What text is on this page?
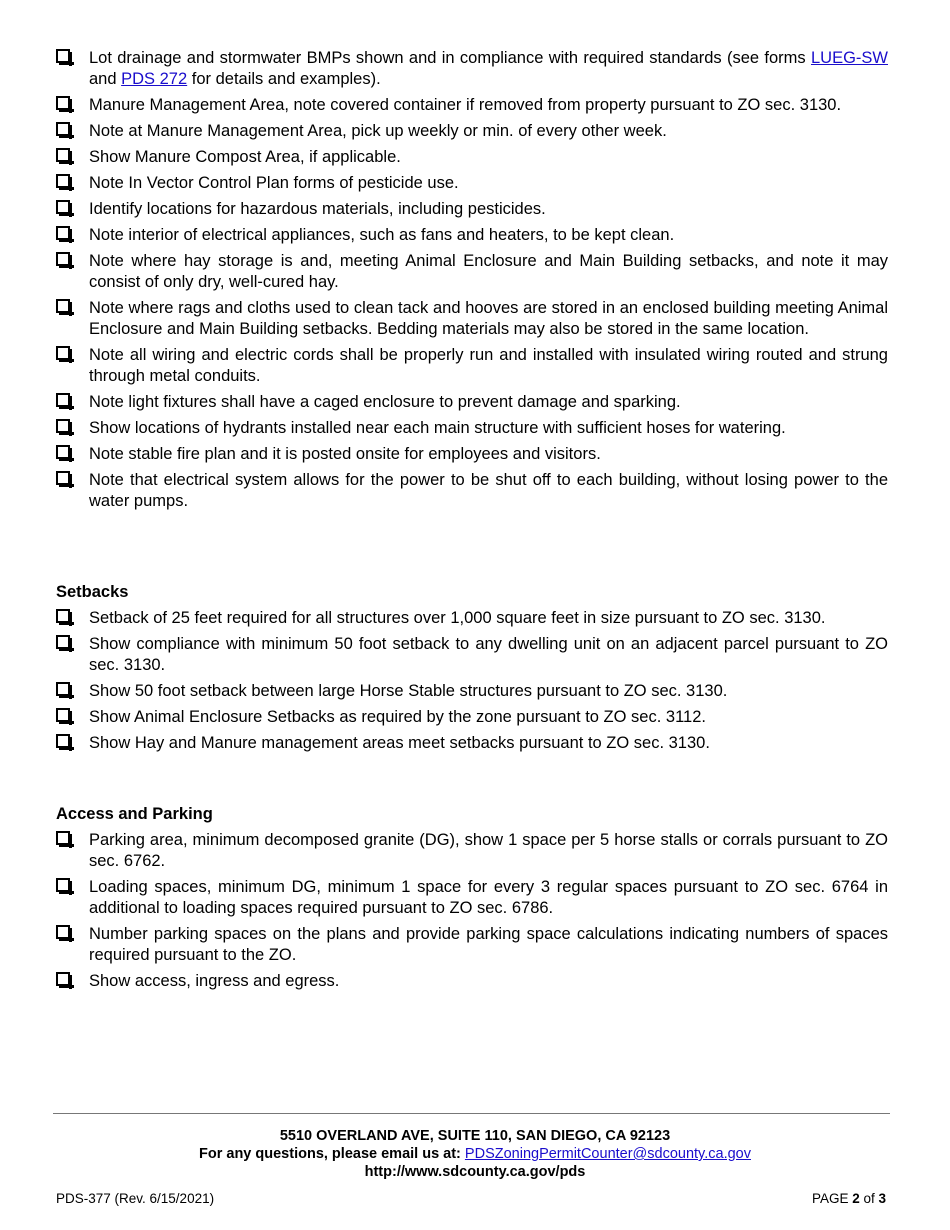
Lot drainage and stormwater BMPs shown and in compliance with required standards (see forms LUEG-SW and PDS 272 for details and examples).
Manure Management Area, note covered container if removed from property pursuant to ZO sec. 3130.
Note at Manure Management Area, pick up weekly or min. of every other week.
Show Manure Compost Area, if applicable.
Note In Vector Control Plan forms of pesticide use.
Identify locations for hazardous materials, including pesticides.
Note interior of electrical appliances, such as fans and heaters, to be kept clean.
Note where hay storage is and, meeting Animal Enclosure and Main Building setbacks, and note it may consist of only dry, well-cured hay.
Note where rags and cloths used to clean tack and hooves are stored in an enclosed building meeting Animal Enclosure and Main Building setbacks. Bedding materials may also be stored in the same location.
Note all wiring and electric cords shall be properly run and installed with insulated wiring routed and strung through metal conduits.
Note light fixtures shall have a caged enclosure to prevent damage and sparking.
Show locations of hydrants installed near each main structure with sufficient hoses for watering.
Note stable fire plan and it is posted onsite for employees and visitors.
Note that electrical system allows for the power to be shut off to each building, without losing power to the water pumps.
Setbacks
Setback of 25 feet required for all structures over 1,000 square feet in size pursuant to ZO sec. 3130.
Show compliance with minimum 50 foot setback to any dwelling unit on an adjacent parcel pursuant to ZO sec. 3130.
Show 50 foot setback between large Horse Stable structures pursuant to ZO sec. 3130.
Show Animal Enclosure Setbacks as required by the zone pursuant to ZO sec. 3112.
Show Hay and Manure management areas meet setbacks pursuant to ZO sec. 3130.
Access and Parking
Parking area, minimum decomposed granite (DG), show 1 space per 5 horse stalls or corrals pursuant to ZO sec. 6762.
Loading spaces, minimum DG, minimum 1 space for every 3 regular spaces pursuant to ZO sec. 6764 in additional to loading spaces required pursuant to ZO sec. 6786.
Number parking spaces on the plans and provide parking space calculations indicating numbers of spaces required pursuant to the ZO.
Show access, ingress and egress.
5510 OVERLAND AVE, SUITE 110, SAN DIEGO, CA 92123
For any questions, please email us at: PDSZoningPermitCounter@sdcounty.ca.gov
http://www.sdcounty.ca.gov/pds
PDS-377 (Rev. 6/15/2021)	PAGE 2 of 3
